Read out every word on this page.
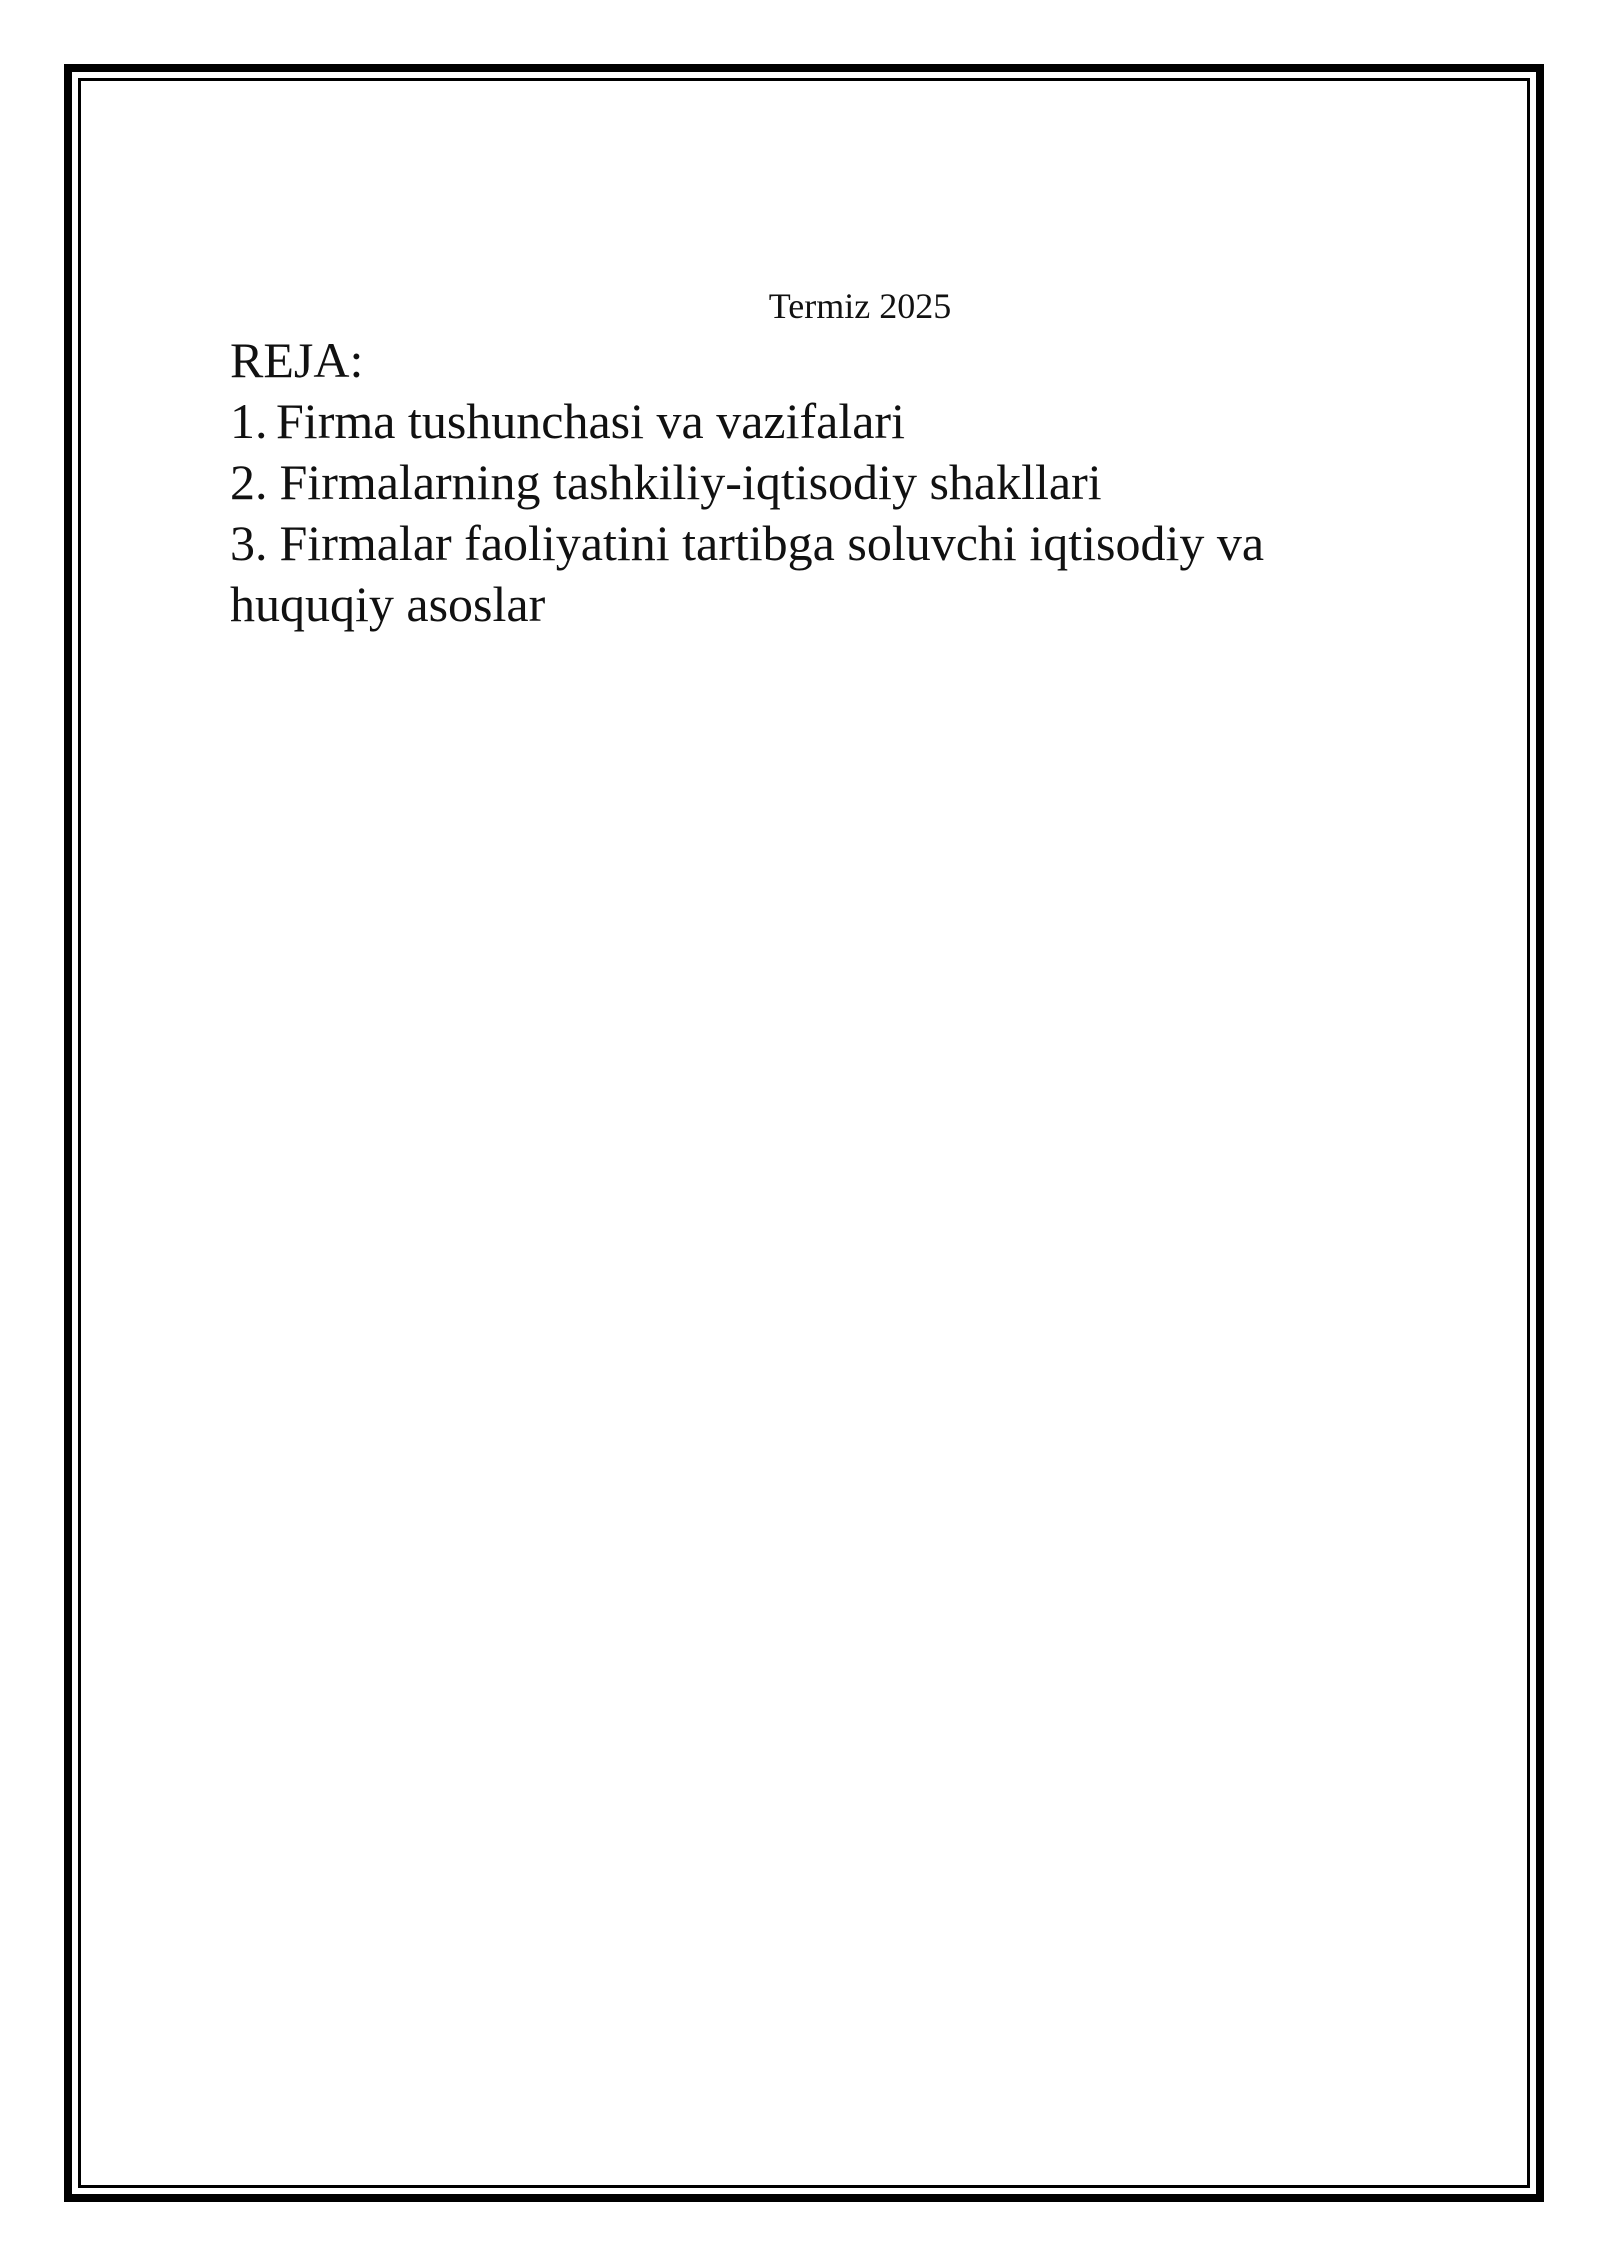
Termiz 2025
REJA:
1. Firma tushunchasi va vazifalari
2. Firmalarning tashkiliy-iqtisodiy shakllari
3. Firmalar faoliyatini tartibga soluvchi iqtisodiy va huquqiy asoslar
